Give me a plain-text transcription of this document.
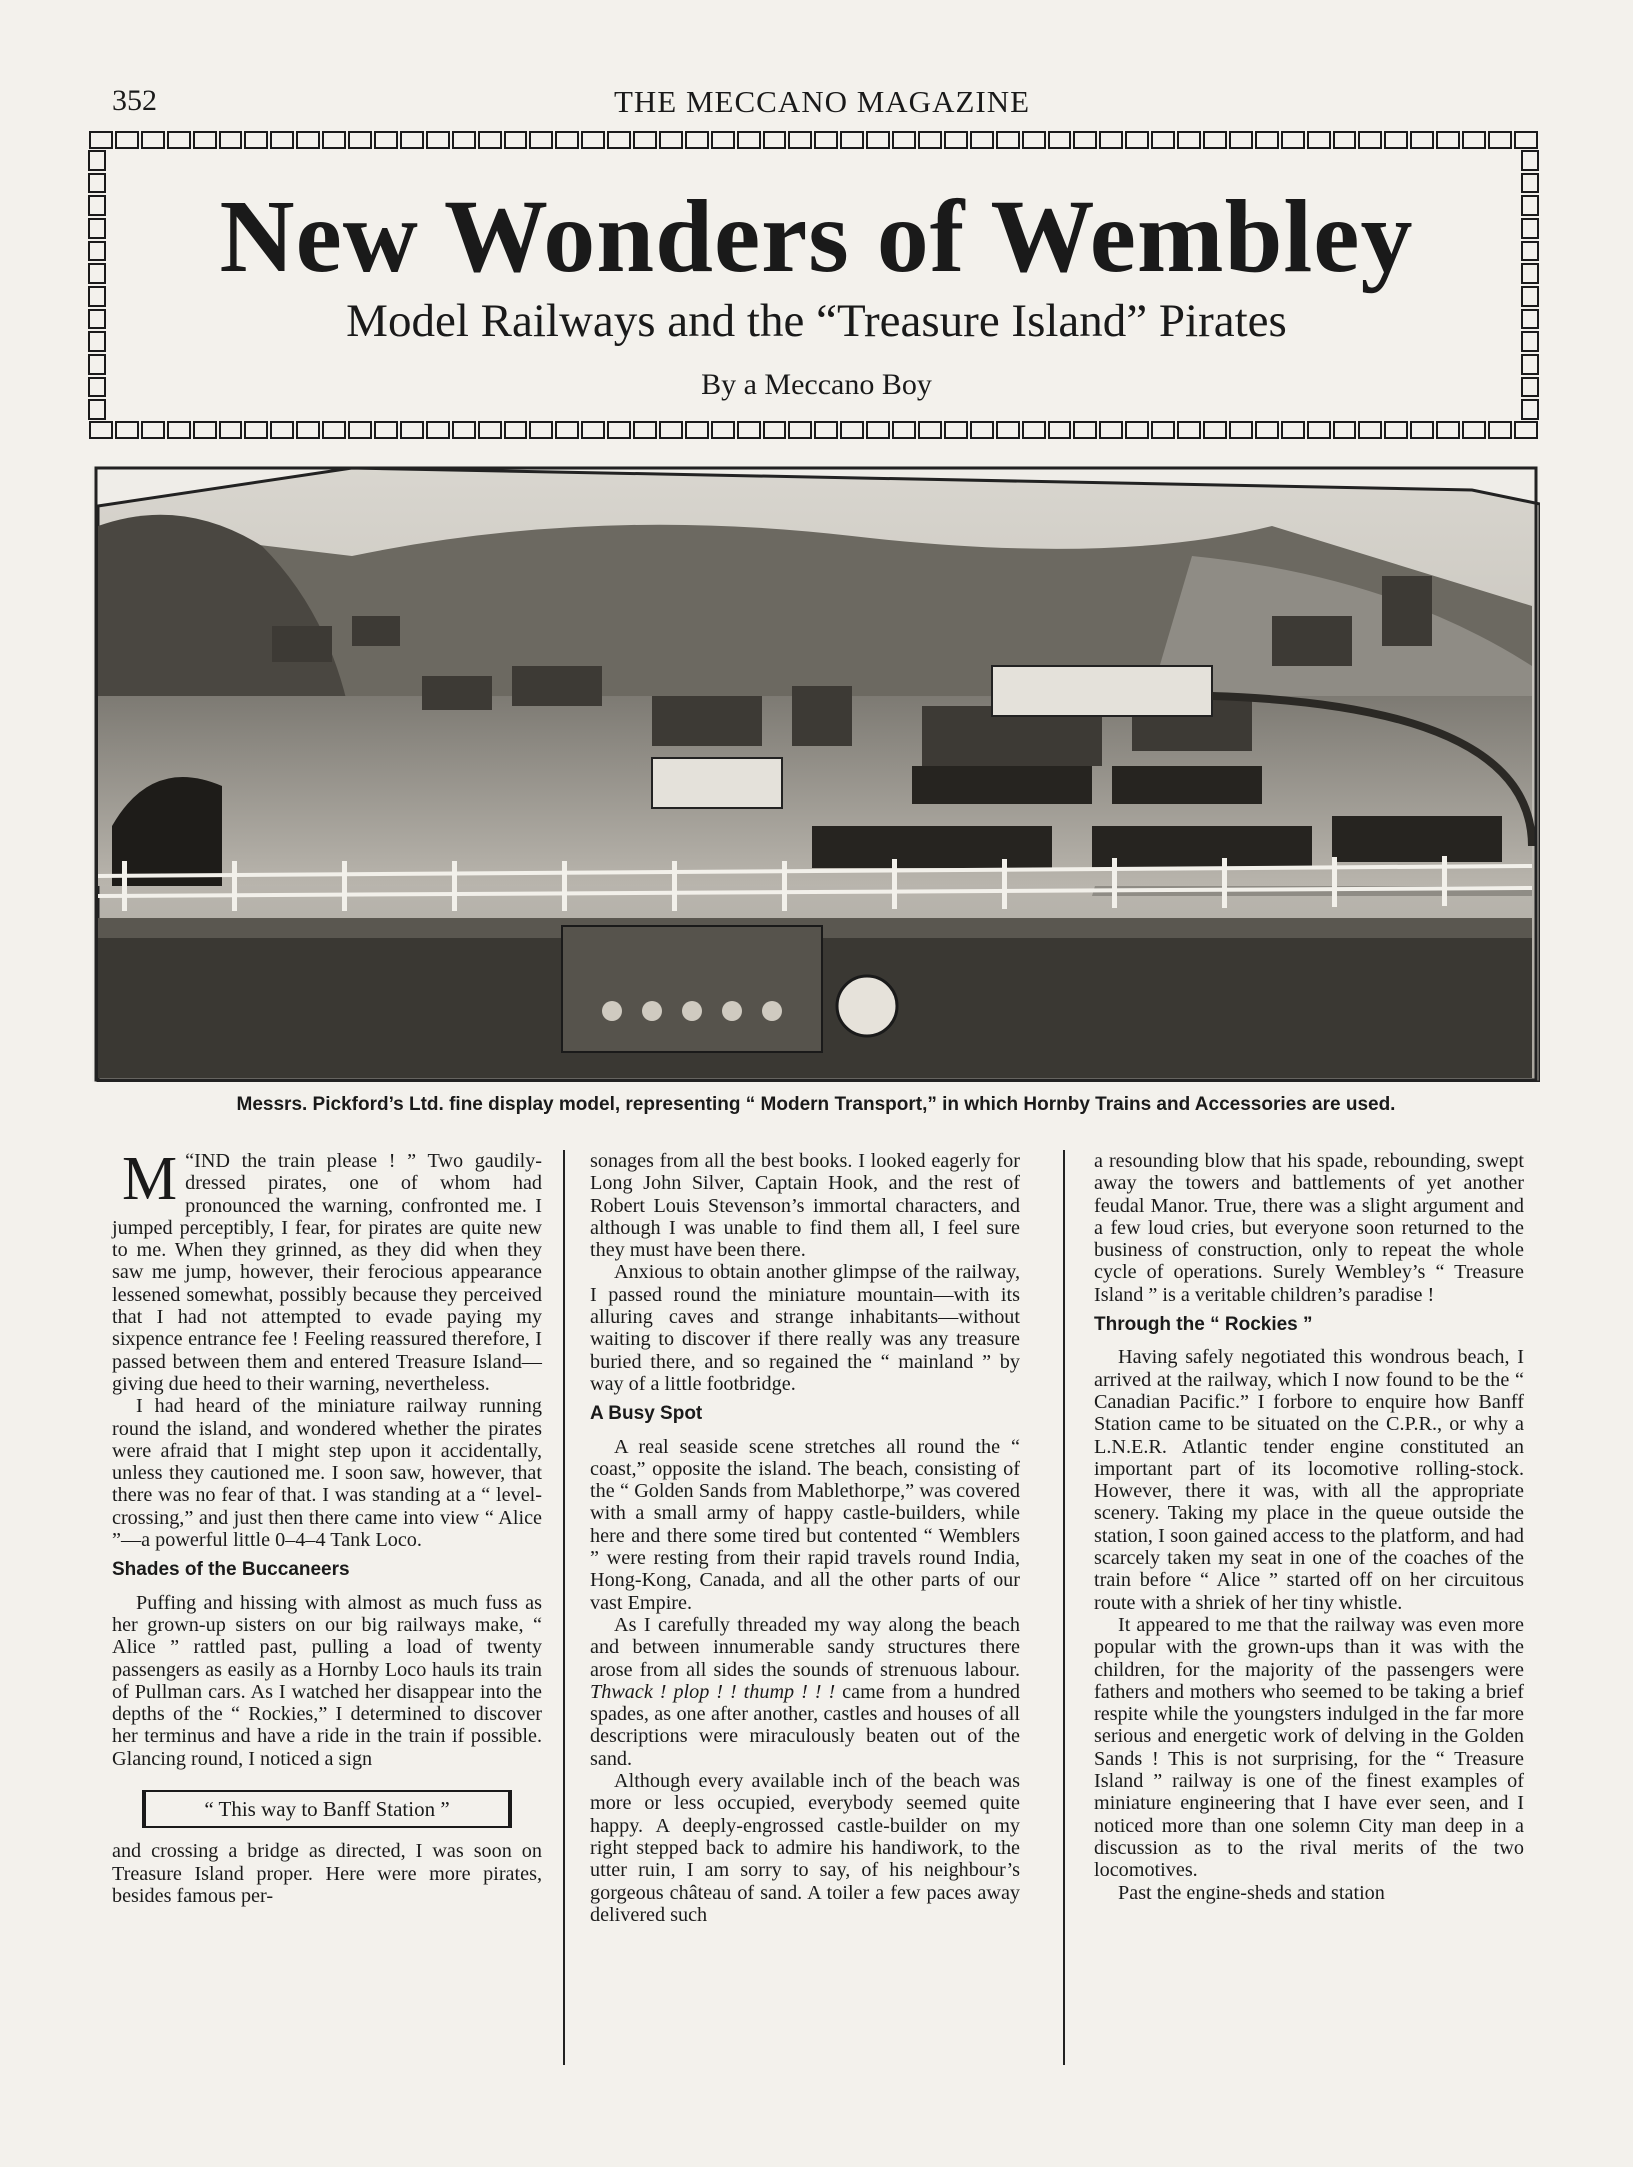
352	THE MECCANO MAGAZINE
New Wonders of Wembley
Model Railways and the “Treasure Island” Pirates
By a Meccano Boy
Messrs. Pickford’s Ltd. fine display model, representing “ Modern Transport,” in which Hornby Trains and Accessories are used.

“
M IND the train please ! ” Two gaudily-dressed pirates, one of whom had pronounced the warning, confronted me. I jumped perceptibly, I fear, for pirates are quite new to me. When they grinned, as they did when they saw me jump, however, their ferocious appearance lessened somewhat, possibly because they perceived that I had not attempted to evade paying my sixpence entrance fee ! Feeling reassured therefore, I passed between them and entered Treasure Island—giving due heed to their warning, nevertheless.

I had heard of the miniature railway running round the island, and wondered whether the pirates were afraid that I might step upon it accidentally, unless they cautioned me. I soon saw, however, that there was no fear of that. I was standing at a “ level-crossing,” and just then there came into view “ Alice ”—a powerful little 0–4–4 Tank Loco.

Shades of the Buccaneers

Puffing and hissing with almost as much fuss as her grown-up sisters on our big railways make, “ Alice ” rattled past, pulling a load of twenty passengers as easily as a Hornby Loco hauls its train of Pullman cars. As I watched her disappear into the depths of the “ Rockies,” I determined to discover her terminus and have a ride in the train if possible. Glancing round, I noticed a sign

“ This way to Banff Station ”

and crossing a bridge as directed, I was soon on Treasure Island proper. Here were more pirates, besides famous per-

sonages from all the best books. I looked eagerly for Long John Silver, Captain Hook, and the rest of Robert Louis Stevenson’s immortal characters, and although I was unable to find them all, I feel sure they must have been there.

Anxious to obtain another glimpse of the railway, I passed round the miniature mountain—with its alluring caves and strange inhabitants—without waiting to discover if there really was any treasure buried there, and so regained the “ mainland ” by way of a little footbridge.

A Busy Spot

A real seaside scene stretches all round the “ coast,” opposite the island. The beach, consisting of the “ Golden Sands from Mablethorpe,” was covered with a small army of happy castle-builders, while here and there some tired but contented “ Wemblers ” were resting from their rapid travels round India, Hong-Kong, Canada, and all the other parts of our vast Empire.

As I carefully threaded my way along the beach and between innumerable sandy structures there arose from all sides the sounds of strenuous labour. Thwack ! plop ! ! thump ! ! ! came from a hundred spades, as one after another, castles and houses of all descriptions were miraculously beaten out of the sand.

Although every available inch of the beach was more or less occupied, everybody seemed quite happy. A deeply-engrossed castle-builder on my right stepped back to admire his handiwork, to the utter ruin, I am sorry to say, of his neighbour’s gorgeous château of sand. A toiler a few paces away delivered such

a resounding blow that his spade, rebounding, swept away the towers and battlements of yet another feudal Manor. True, there was a slight argument and a few loud cries, but everyone soon returned to the business of construction, only to repeat the whole cycle of operations. Surely Wembley’s “ Treasure Island ” is a veritable children’s paradise !

Through the “ Rockies ”

Having safely negotiated this wondrous beach, I arrived at the railway, which I now found to be the “ Canadian Pacific.” I forbore to enquire how Banff Station came to be situated on the C.P.R., or why a L.N.E.R. Atlantic tender engine constituted an important part of its locomotive rolling-stock. However, there it was, with all the appropriate scenery. Taking my place in the queue outside the station, I soon gained access to the platform, and had scarcely taken my seat in one of the coaches of the train before “ Alice ” started off on her circuitous route with a shriek of her tiny whistle.

It appeared to me that the railway was even more popular with the grown-ups than it was with the children, for the majority of the passengers were fathers and mothers who seemed to be taking a brief respite while the youngsters indulged in the far more serious and energetic work of delving in the Golden Sands ! This is not surprising, for the “ Treasure Island ” railway is one of the finest examples of miniature engineering that I have ever seen, and I noticed more than one solemn City man deep in a discussion as to the rival merits of the two locomotives.

Past the engine-sheds and station
